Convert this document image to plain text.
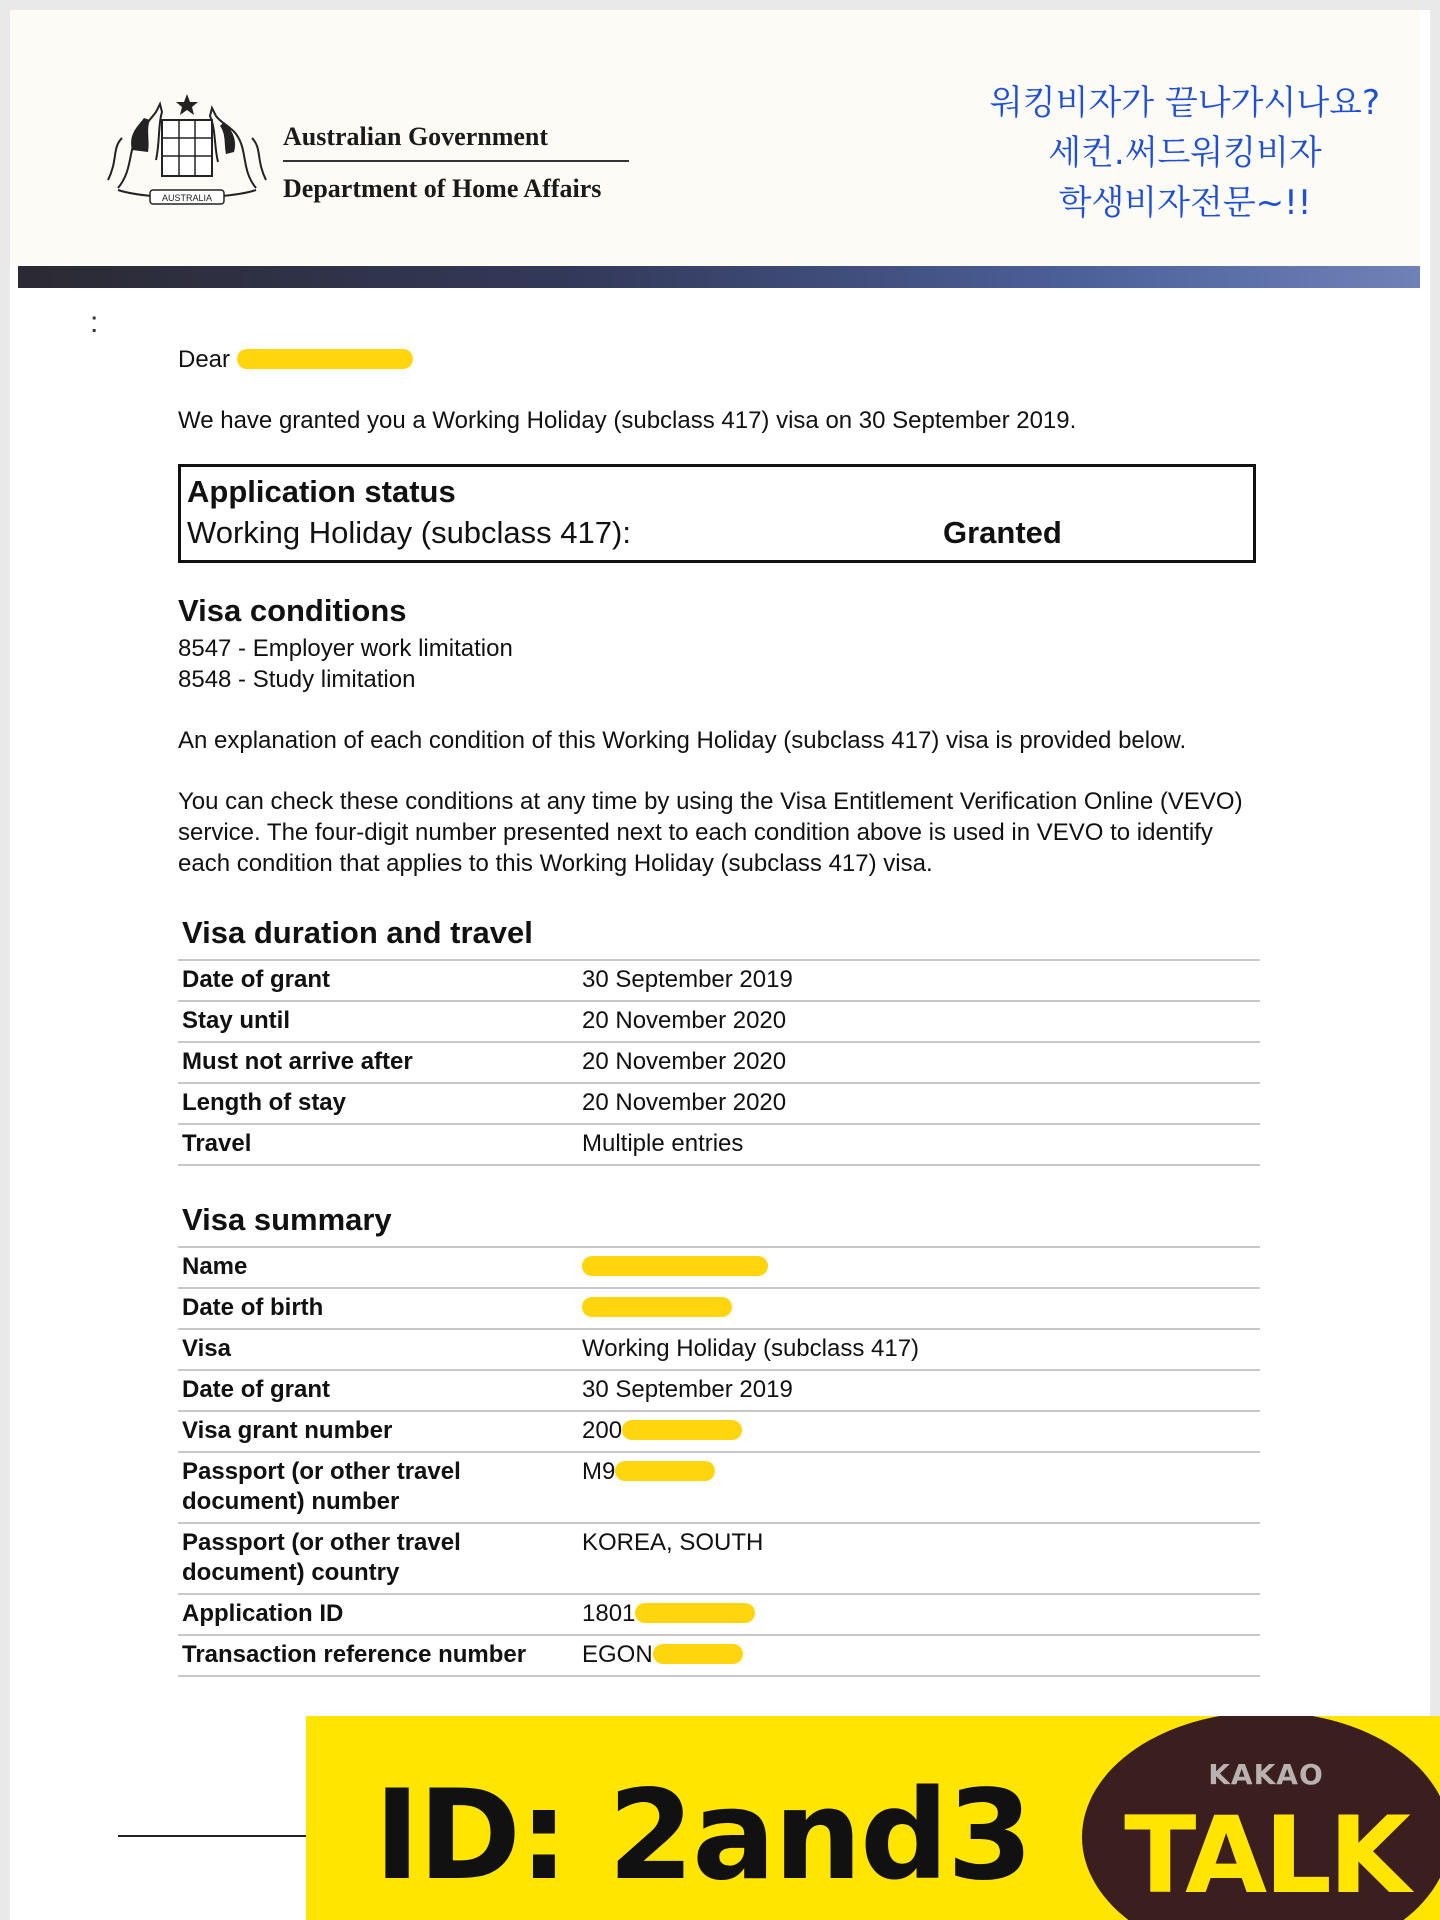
AUSTRALIA
Australian Government
Department of Home Affairs
워킹비자가 끝나가시나요?
세컨.써드워킹비자
학생비자전문~!!
:

Dear

We have granted you a Working Holiday (subclass 417) visa on 30 September 2019.

Application status
Working Holiday (subclass 417):	Granted
Visa conditions

8547 - Employer work limitation

8548 - Study limitation

An explanation of each condition of this Working Holiday (subclass 417) visa is provided below.

You can check these conditions at any time by using the Visa Entitlement Verification Online (VEVO) service. The four-digit number presented next to each condition above is used in VEVO to identify each condition that applies to this Working Holiday (subclass 417) visa.

Visa duration and travel
Date of grant	30 September 2019
Stay until	20 November 2020
Must not arrive after	20 November 2020
Length of stay	20 November 2020
Travel	Multiple entries
Visa summary
Name	
Date of birth	
Visa	Working Holiday (subclass 417)
Date of grant	30 September 2019
Visa grant number	200
Passport (or other travel document) number	M9
Passport (or other travel document) country	KOREA, SOUTH
Application ID	1801
Transaction reference number	EGON
ID: 2and3	KAKAO
TALK
